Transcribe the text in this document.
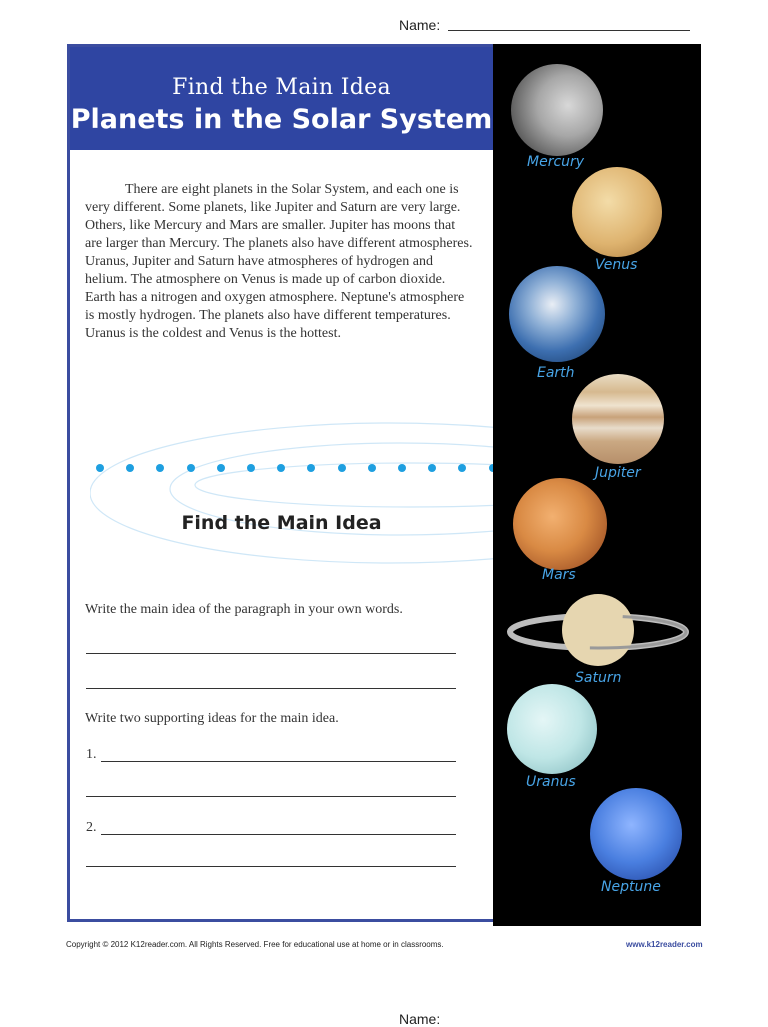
Name:
Find the Main Idea
Planets in the Solar System
There are eight planets in the Solar System, and each one is very different. Some planets, like Jupiter and Saturn are very large. Others, like Mercury and Mars are smaller. Jupiter has moons that are larger than Mercury. The planets also have different atmospheres. Uranus, Jupiter and Saturn have atmospheres of hydrogen and helium. The atmosphere on Venus is made up of carbon dioxide. Earth has a nitrogen and oxygen atmosphere. Neptune's atmosphere is mostly hydrogen. The planets also have different temperatures. Uranus is the coldest and Venus is the hottest.
Find the Main Idea
Write the main idea of the paragraph in your own words.
Write two supporting ideas for the main idea.
1.
2.
Mercury
Venus
Earth
Jupiter
Mars
Saturn
Uranus
Neptune
Copyright © 2012 K12reader.com. All Rights Reserved. Free for educational use at home or in classrooms.	www.k12reader.com
Name:
